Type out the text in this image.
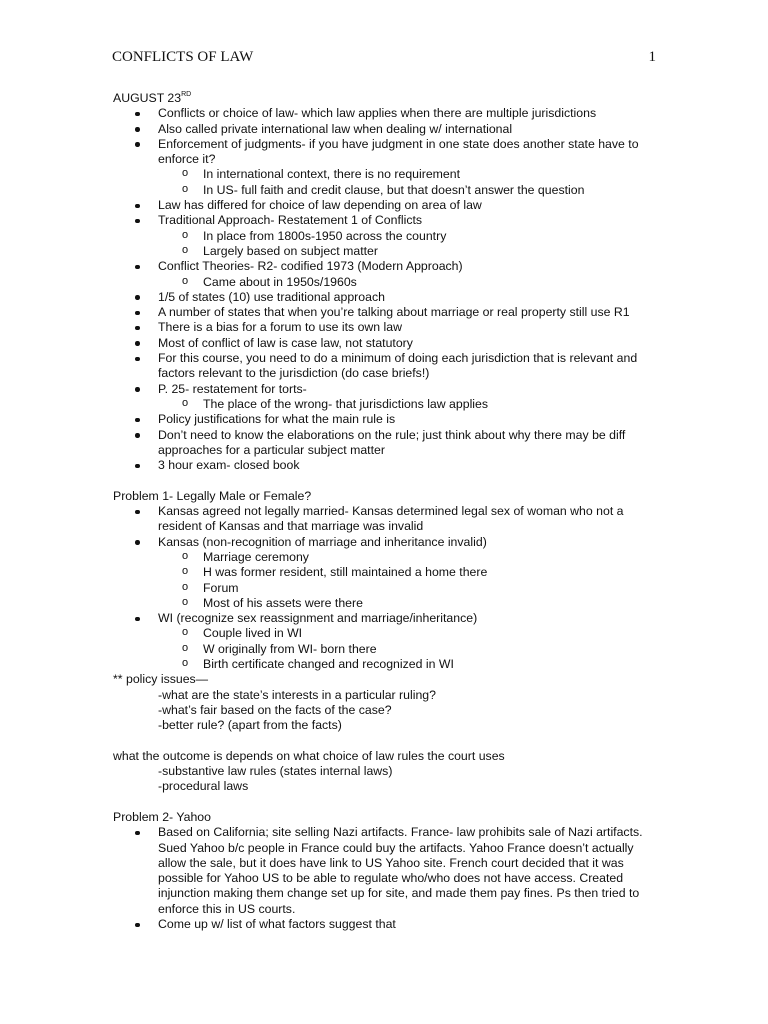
CONFLICTS OF LAW	1

AUGUST 23RD

Conflicts or choice of law- which law applies when there are multiple jurisdictions
Also called private international law when dealing w/ international
Enforcement of judgments- if you have judgment in one state does another state have to enforce it?
o In international context, there is no requirement
o In US- full faith and credit clause, but that doesn’t answer the question
Law has differed for choice of law depending on area of law
Traditional Approach- Restatement 1 of Conflicts
o In place from 1800s-1950 across the country
o Largely based on subject matter
Conflict Theories- R2- codified 1973 (Modern Approach)
o Came about in 1950s/1960s
1/5 of states (10) use traditional approach
A number of states that when you’re talking about marriage or real property still use R1
There is a bias for a forum to use its own law
Most of conflict of law is case law, not statutory
For this course, you need to do a minimum of doing each jurisdiction that is relevant and factors relevant to the jurisdiction (do case briefs!)
P. 25- restatement for torts-
o The place of the wrong- that jurisdictions law applies
Policy justifications for what the main rule is
Don’t need to know the elaborations on the rule; just think about why there may be diff approaches for a particular subject matter
3 hour exam- closed book

Problem 1- Legally Male or Female?

Kansas agreed not legally married- Kansas determined legal sex of woman who not a resident of Kansas and that marriage was invalid
Kansas (non-recognition of marriage and inheritance invalid)
o Marriage ceremony
o H was former resident, still maintained a home there
o Forum
o Most of his assets were there
WI (recognize sex reassignment and marriage/inheritance)
o Couple lived in WI
o W originally from WI- born there
o Birth certificate changed and recognized in WI

** policy issues—

-what are the state’s interests in a particular ruling?

-what’s fair based on the facts of the case?

-better rule? (apart from the facts)

what the outcome is depends on what choice of law rules the court uses

-substantive law rules (states internal laws)

-procedural laws

Problem 2- Yahoo

Based on California; site selling Nazi artifacts. France- law prohibits sale of Nazi artifacts. Sued Yahoo b/c people in France could buy the artifacts. Yahoo France doesn’t actually allow the sale, but it does have link to US Yahoo site. French court decided that it was possible for Yahoo US to be able to regulate who/who does not have access. Created injunction making them change set up for site, and made them pay fines. Ps then tried to enforce this in US courts.
Come up w/ list of what factors suggest that
